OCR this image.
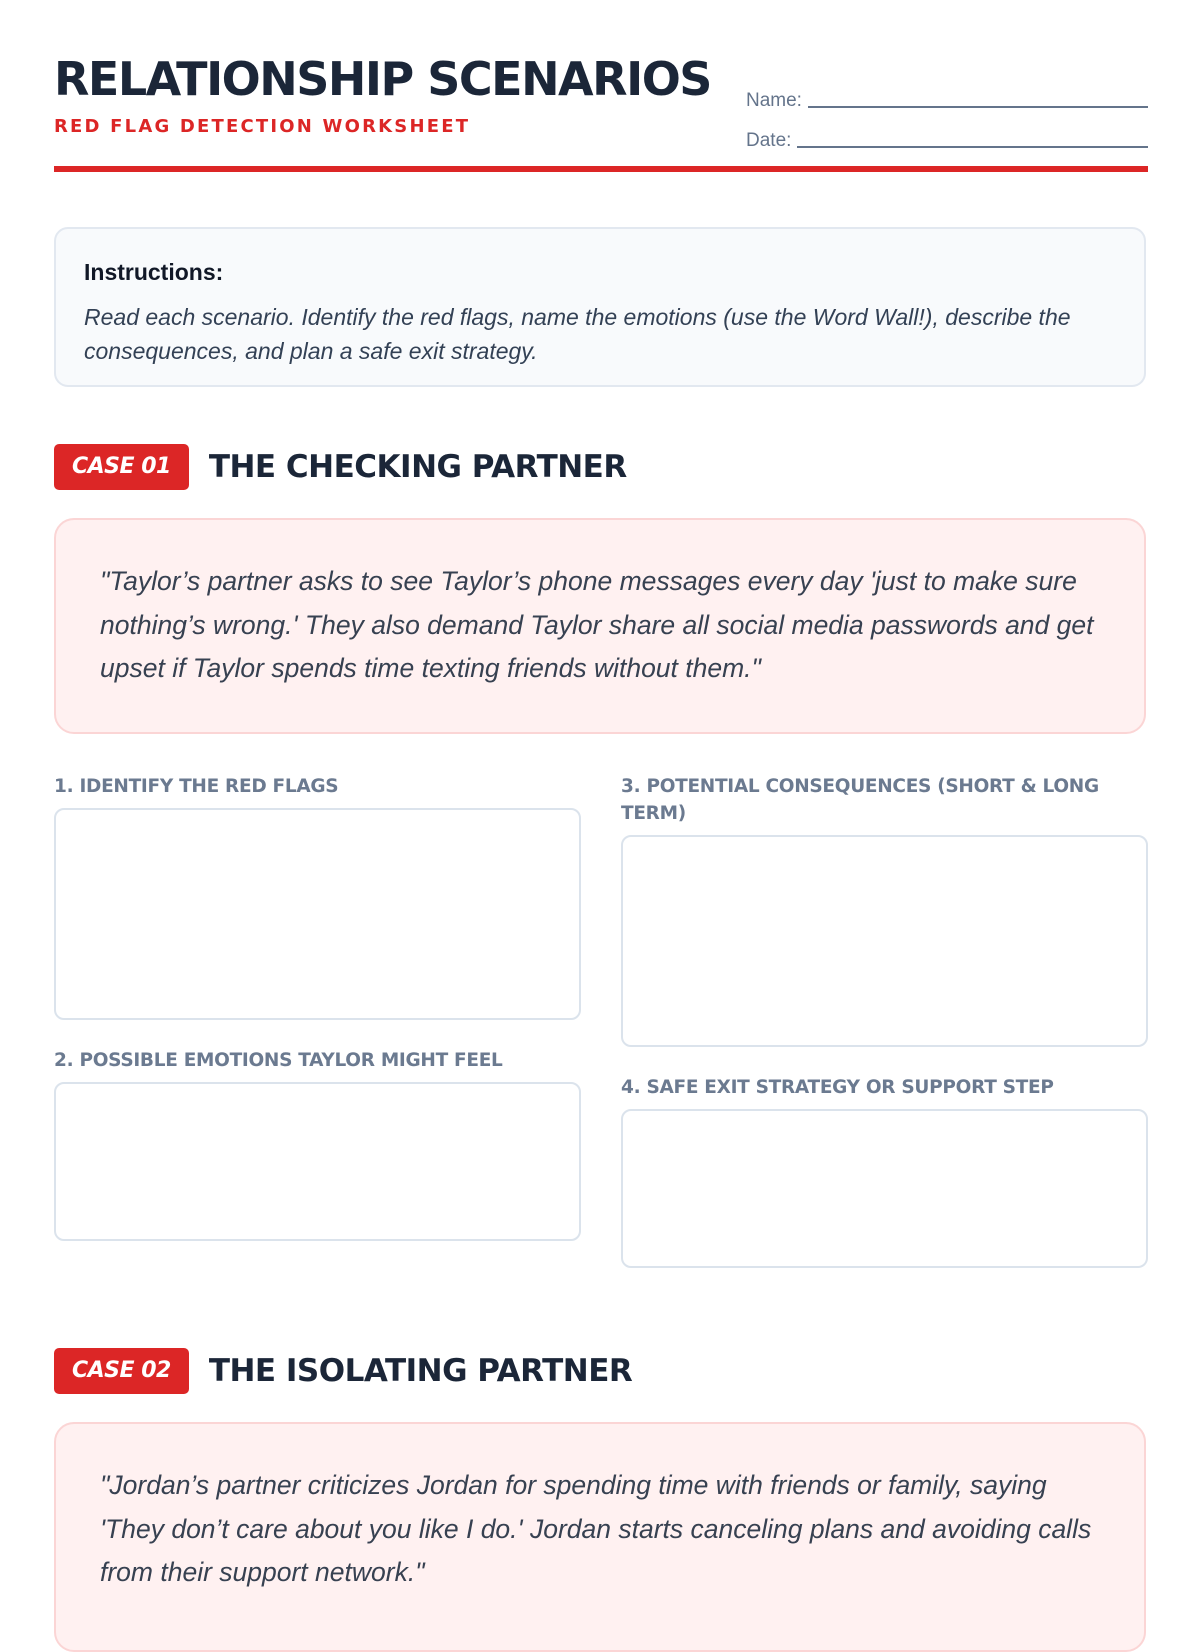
RELATIONSHIP SCENARIOS
RED FLAG DETECTION WORKSHEET
Name:
Date:
Instructions:
Read each scenario. Identify the red flags, name the emotions (use the Word Wall!), describe the consequences, and plan a safe exit strategy.
CASE 01	THE CHECKING PARTNER
"Taylor’s partner asks to see Taylor’s phone messages every day 'just to make sure nothing’s wrong.' They also demand Taylor share all social media passwords and get upset if Taylor spends time texting friends without them."
1. IDENTIFY THE RED FLAGS
2. POSSIBLE EMOTIONS TAYLOR MIGHT FEEL
3. POTENTIAL CONSEQUENCES (SHORT & LONG TERM)
4. SAFE EXIT STRATEGY OR SUPPORT STEP
CASE 02	THE ISOLATING PARTNER
"Jordan’s partner criticizes Jordan for spending time with friends or family, saying 'They don’t care about you like I do.' Jordan starts canceling plans and avoiding calls from their support network."
